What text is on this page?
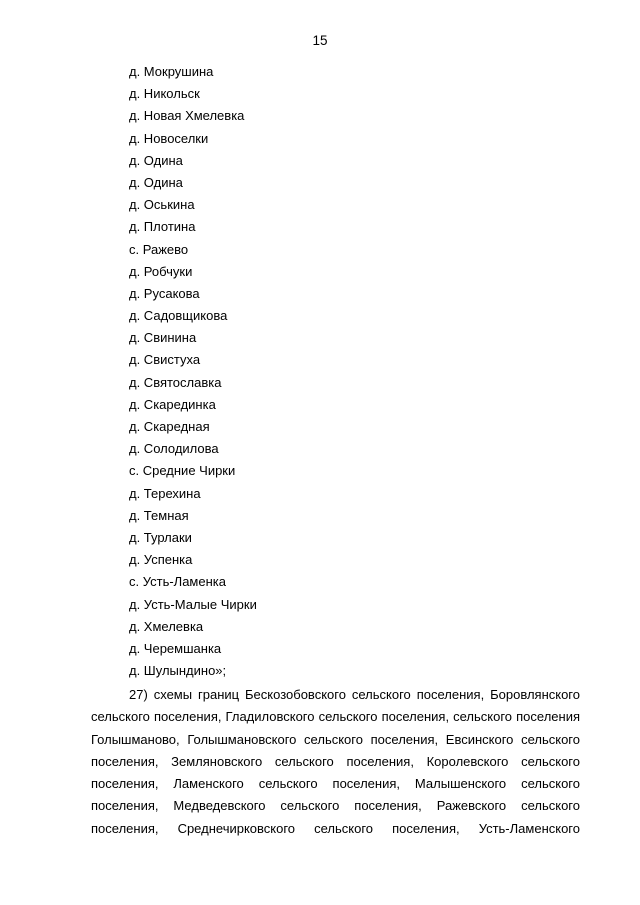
15
д. Мокрушина
д. Никольск
д. Новая Хмелевка
д. Новоселки
д. Одина
д. Одина
д. Оськина
д. Плотина
с. Ражево
д. Робчуки
д. Русакова
д. Садовщикова
д. Свинина
д. Свистуха
д. Святославка
д. Скарединка
д. Скаредная
д. Солодилова
с. Средние Чирки
д. Терехина
д. Темная
д. Турлаки
д. Успенка
с. Усть-Ламенка
д. Усть-Малые Чирки
д. Хмелевка
д. Черемшанка
д. Шулындино»;
27) схемы границ Бескозобовского сельского поселения, Боровлянского
сельского поселения, Гладиловского сельского поселения, сельского поселения
Голышманово, Голышмановского сельского поселения, Евсинского сельского
поселения, Земляновского сельского поселения, Королевского сельского
поселения, Ламенского сельского поселения, Малышенского сельского
поселения, Медведевского сельского поселения, Ражевского сельского
поселения, Среднечирковского сельского поселения, Усть-Ламенского
